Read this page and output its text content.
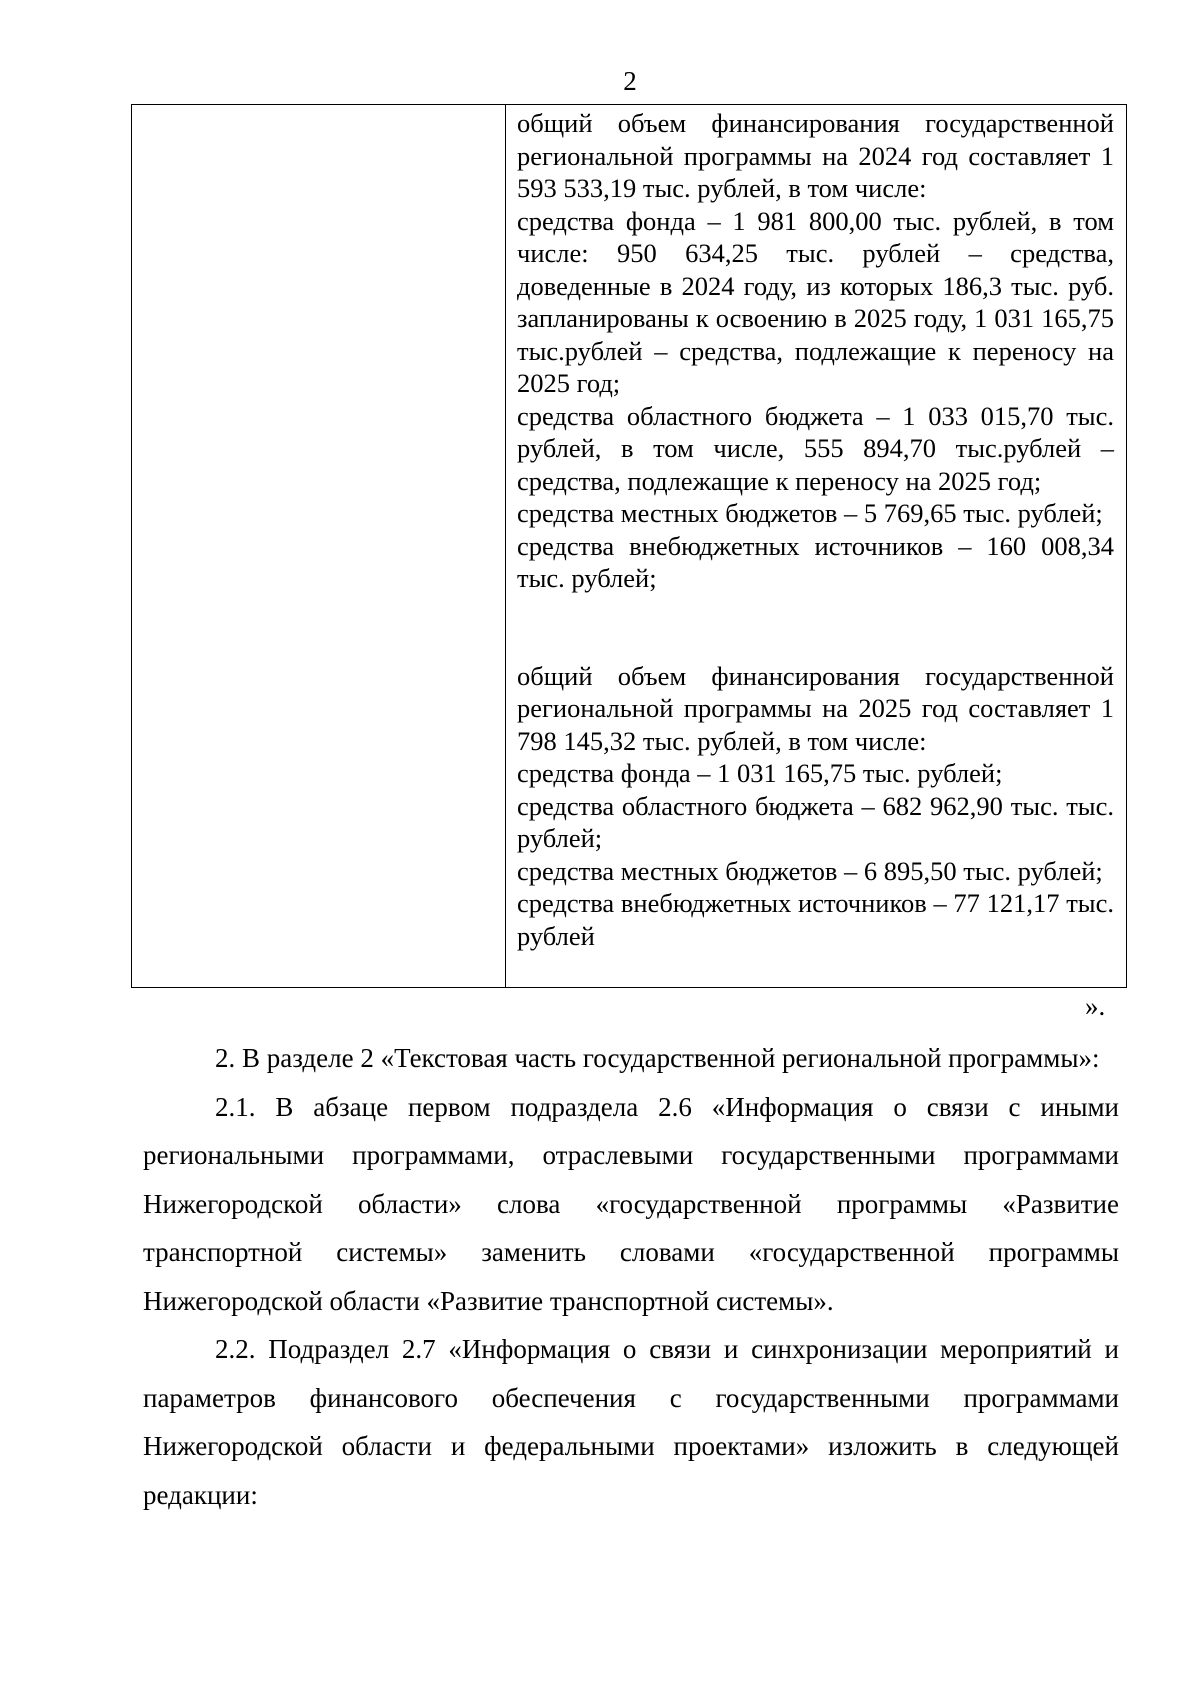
2

общий объем финансирования государственной региональной программы на 2024 год составляет 1 593 533,19 тыс. рублей, в том числе:

средства фонда – 1 981 800,00 тыс. рублей, в том числе: 950 634,25 тыс. рублей – средства, доведенные в 2024 году, из которых 186,3 тыс. руб. запланированы к освоению в 2025 году, 1 031 165,75 тыс.рублей – средства, подлежащие к переносу на 2025 год;

средства областного бюджета – 1 033 015,70 тыс. рублей, в том числе, 555 894,70 тыс.рублей – средства, подлежащие к переносу на 2025 год;

средства местных бюджетов – 5 769,65 тыс. рублей;

средства внебюджетных источников – 160 008,34 тыс. рублей;

общий объем финансирования государственной региональной программы на 2025 год составляет 1 798 145,32 тыс. рублей, в том числе:

средства фонда – 1 031 165,75 тыс. рублей;

средства областного бюджета – 682 962,90 тыс. тыс. рублей;

средства местных бюджетов – 6 895,50 тыс. рублей;

средства внебюджетных источников – 77 121,17 тыс. рублей

».

2. В разделе 2 «Текстовая часть государственной региональной программы»:

2.1. В абзаце первом подраздела 2.6 «Информация о связи с иными региональными программами, отраслевыми государственными программами Нижегородской области» слова «государственной программы «Развитие транспортной системы» заменить словами «государственной программы Нижегородской области «Развитие транспортной системы».

2.2. Подраздел 2.7 «Информация о связи и синхронизации мероприятий и параметров финансового обеспечения с государственными программами Нижегородской области и федеральными проектами» изложить в следующей редакции:
